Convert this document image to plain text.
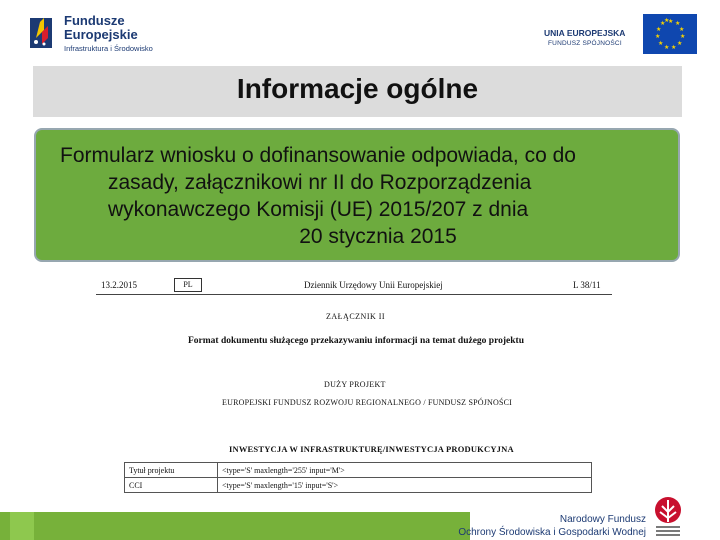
Fundusze
Europejskie
Infrastruktura i Środowisko
UNIA EUROPEJSKA
FUNDUSZ SPÓJNOŚCI
★ ★
★
★
★
★
★
★
★
★
★
★
Informacje ogólne
Formularz wniosku o dofinansowanie odpowiada, co do
zasady, załącznikowi nr II do Rozporządzenia
wykonawczego Komisji (UE) 2015/207 z dnia
20 stycznia 2015
13.2.2015	PL	Dziennik Urzędowy Unii Europejskiej	L 38/11
ZAŁĄCZNIK II
Format dokumentu służącego przekazywaniu informacji na temat dużego projektu
DUŻY PROJEKT
EUROPEJSKI FUNDUSZ ROZWOJU REGIONALNEGO / FUNDUSZ SPÓJNOŚCI
INWESTYCJA W INFRASTRUKTURĘ/INWESTYCJA PRODUKCYJNA
Tytuł projektu	<type='S' maxlength='255' input='M'>
CCI	<type='S' maxlength='15' input='S'>
Narodowy Fundusz
Ochrony Środowiska i Gospodarki Wodnej
